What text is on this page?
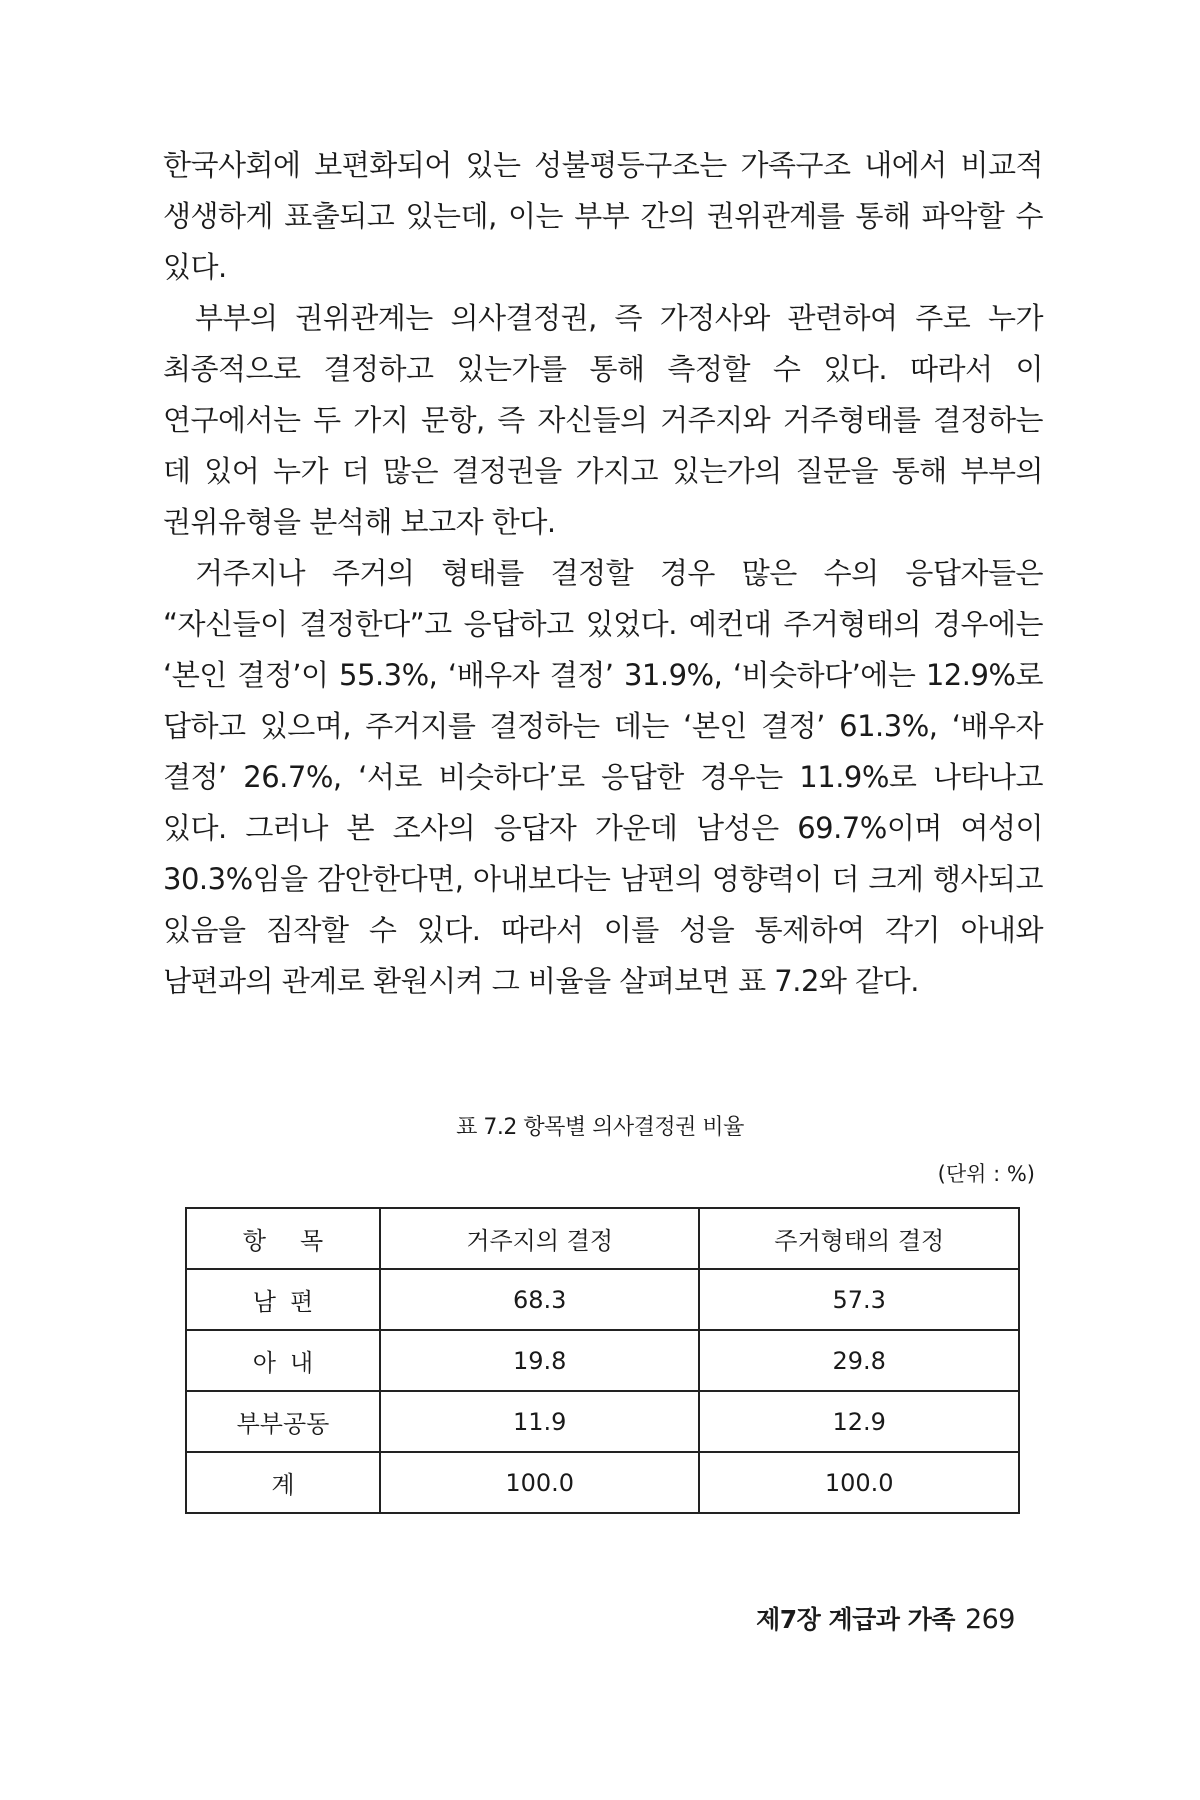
한국사회에 보편화되어 있는 성불평등구조는 가족구조 내에서 비교적 생생하게 표출되고 있는데, 이는 부부 간의 권위관계를 통해 파악할 수 있다.

부부의 권위관계는 의사결정권, 즉 가정사와 관련하여 주로 누가 최종적으로 결정하고 있는가를 통해 측정할 수 있다. 따라서 이 연구에서는 두 가지 문항, 즉 자신들의 거주지와 거주형태를 결정하는 데 있어 누가 더 많은 결정권을 가지고 있는가의 질문을 통해 부부의 권위유형을 분석해 보고자 한다.

거주지나 주거의 형태를 결정할 경우 많은 수의 응답자들은 “자신들이 결정한다”고 응답하고 있었다. 예컨대 주거형태의 경우에는 ‘본인 결정’이 55.3%, ‘배우자 결정’ 31.9%, ‘비슷하다’에는 12.9%로 답하고 있으며, 주거지를 결정하는 데는 ‘본인 결정’ 61.3%, ‘배우자 결정’ 26.7%, ‘서로 비슷하다’로 응답한 경우는 11.9%로 나타나고 있다. 그러나 본 조사의 응답자 가운데 남성은 69.7%이며 여성이 30.3%임을 감안한다면, 아내보다는 남편의 영향력이 더 크게 행사되고 있음을 짐작할 수 있다. 따라서 이를 성을 통제하여 각기 아내와 남편과의 관계로 환원시켜 그 비율을 살펴보면 표 7.2와 같다.

표 7.2 항목별 의사결정권 비율
(단위 : %)
항목	거주지의 결정	주거형태의 결정
남편	68.3	57.3
아내	19.8	29.8
부부공동	11.9	12.9
계	100.0	100.0
제7장 계급과 가족 269
